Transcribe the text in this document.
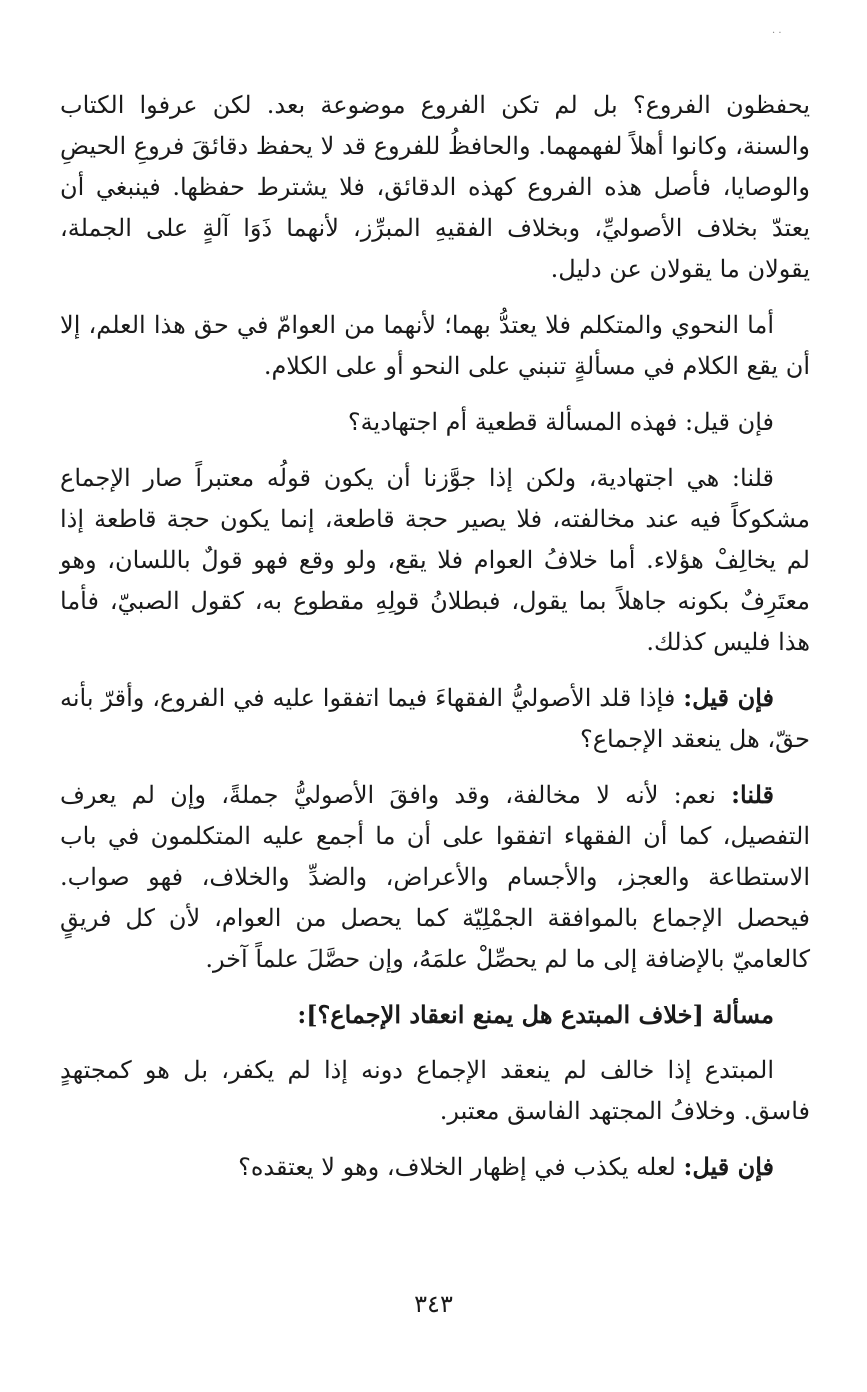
· ·

يحفظون الفروع؟ بل لم تكن الفروع موضوعة بعد. لكن عرفوا الكتاب والسنة، وكانوا أهلاً لفهمهما. والحافظُ للفروع قد لا يحفظ دقائقَ فروعِ الحيضِ والوصايا، فأصل هذه الفروع كهذه الدقائق، فلا يشترط حفظها. فينبغي أن يعتدّ بخلاف الأصوليِّ، وبخلاف الفقيهِ المبرِّز، لأنهما ذَوَا آلةٍ على الجملة، يقولان ما يقولان عن دليل.

أما النحوي والمتكلم فلا يعتدُّ بهما؛ لأنهما من العوامّ في حق هذا العلم، إلا أن يقع الكلام في مسألةٍ تنبني على النحو أو على الكلام.

فإن قيل: فهذه المسألة قطعية أم اجتهادية؟

قلنا: هي اجتهادية، ولكن إذا جوَّزنا أن يكون قولُه معتبراً صار الإجماع مشكوكاً فيه عند مخالفته، فلا يصير حجة قاطعة، إنما يكون حجة قاطعة إذا لم يخالِفْ هؤلاء. أما خلافُ العوام فلا يقع، ولو وقع فهو قولٌ باللسان، وهو معتَرِفٌ بكونه جاهلاً بما يقول، فبطلانُ قولِهِ مقطوع به، كقول الصبيّ، فأما هذا فليس كذلك.

فإن قيل: فإذا قلد الأصوليُّ الفقهاءَ فيما اتفقوا عليه في الفروع، وأقرّ بأنه حقّ، هل ينعقد الإجماع؟

قلنا: نعم: لأنه لا مخالفة، وقد وافقَ الأصوليُّ جملةً، وإن لم يعرف التفصيل، كما أن الفقهاء اتفقوا على أن ما أجمع عليه المتكلمون في باب الاستطاعة والعجز، والأجسام والأعراض، والضدِّ والخلاف، فهو صواب. فيحصل الإجماع بالموافقة الجمْلِيّة كما يحصل من العوام، لأن كل فريقٍ كالعاميّ بالإضافة إلى ما لم يحصِّلْ علمَهُ، وإن حصَّلَ علماً آخر.

مسألة [خلاف المبتدع هل يمنع انعقاد الإجماع؟]:

المبتدع إذا خالف لم ينعقد الإجماع دونه إذا لم يكفر، بل هو كمجتهدٍ فاسق. وخلافُ المجتهد الفاسق معتبر.

فإن قيل: لعله يكذب في إظهار الخلاف، وهو لا يعتقده؟

٣٤٣
